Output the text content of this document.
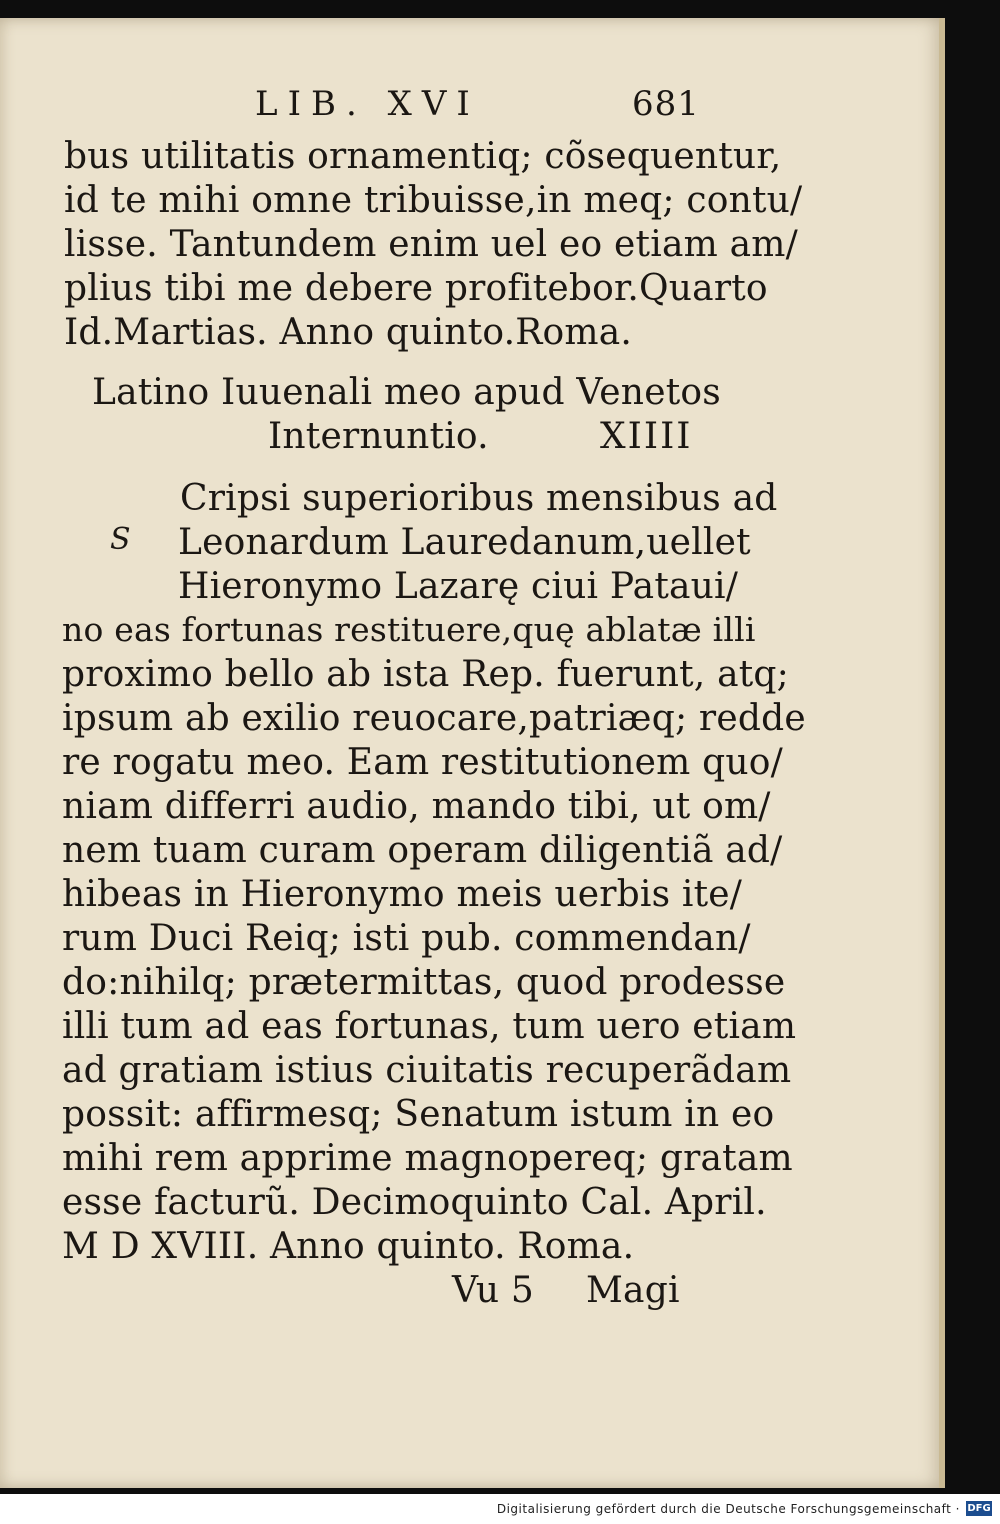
LIB. XVI	681
bus utilitatis ornamentiq; cõsequentur,
id te mihi omne tribuisse,in meq; contu/
lisse. Tantundem enim uel eo etiam am/
plius tibi me debere profitebor.Quarto
Id.Martias. Anno quinto.Roma.
Latino Iuuenali meo apud Venetos
Internuntio.	XIIII
S
Cripsi superioribus mensibus ad
Leonardum Lauredanum,uellet
Hieronymo Lazarę ciui Pataui/
no eas fortunas restituere,quę ablatæ illi
proximo bello ab ista Rep. fuerunt, atq;
ipsum ab exilio reuocare,patriæq; redde
re rogatu meo. Eam restitutionem quo/
niam differri audio, mando tibi, ut om/
nem tuam curam operam diligentiã ad/
hibeas in Hieronymo meis uerbis ite/
rum Duci Reiq; isti pub. commendan/
do:nihilq; prætermittas, quod prodesse
illi tum ad eas fortunas, tum uero etiam
ad gratiam istius ciuitatis recuperãdam
possit: affirmesq; Senatum istum in eo
mihi rem apprime magnopereq; gratam
esse facturũ. Decimoquinto Cal. April.
M D XVIII. Anno quinto. Roma.
Vu 5 Magi
Digitalisierung gefördert durch die Deutsche Forschungsgemeinschaft · DFG
